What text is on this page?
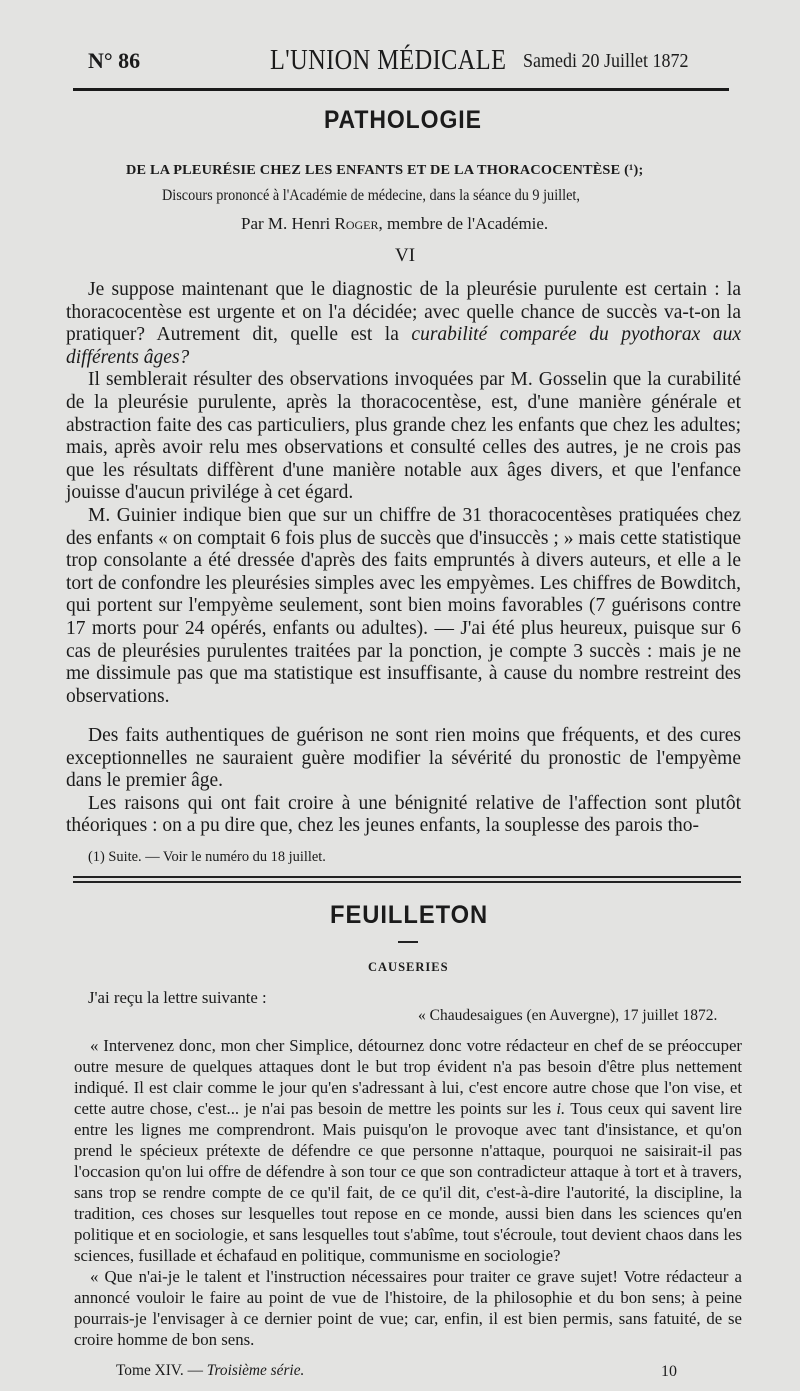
N° 86	L'UNION MÉDICALE Samedi 20 Juillet 1872
PATHOLOGIE
DE LA PLEURÉSIE CHEZ LES ENFANTS ET DE LA THORACOCENTÈSE (¹);
Discours prononcé à l'Académie de médecine, dans la séance du 9 juillet,
Par M. Henri Roger, membre de l'Académie.
VI

Je suppose maintenant que le diagnostic de la pleurésie purulente est certain : la thoracocentèse est urgente et on l'a décidée; avec quelle chance de succès va-t-on la pratiquer? Autrement dit, quelle est la curabilité comparée du pyothorax aux différents âges?

Il semblerait résulter des observations invoquées par M. Gosselin que la curabilité de la pleurésie purulente, après la thoracocentèse, est, d'une manière générale et abstraction faite des cas particuliers, plus grande chez les enfants que chez les adultes; mais, après avoir relu mes observations et consulté celles des autres, je ne crois pas que les résultats diffèrent d'une manière notable aux âges divers, et que l'enfance jouisse d'aucun privilége à cet égard.

M. Guinier indique bien que sur un chiffre de 31 thoracocentèses pratiquées chez des enfants « on comptait 6 fois plus de succès que d'insuccès ; » mais cette statistique trop consolante a été dressée d'après des faits empruntés à divers auteurs, et elle a le tort de confondre les pleurésies simples avec les empyèmes. Les chiffres de Bowditch, qui portent sur l'empyème seulement, sont bien moins favorables (7 guérisons contre 17 morts pour 24 opérés, enfants ou adultes). — J'ai été plus heureux, puisque sur 6 cas de pleurésies purulentes traitées par la ponction, je compte 3 succès : mais je ne me dissimule pas que ma statistique est insuffisante, à cause du nombre restreint des observations.

Des faits authentiques de guérison ne sont rien moins que fréquents, et des cures exceptionnelles ne sauraient guère modifier la sévérité du pronostic de l'empyème dans le premier âge.

Les raisons qui ont fait croire à une bénignité relative de l'affection sont plutôt théoriques : on a pu dire que, chez les jeunes enfants, la souplesse des parois tho-

(1) Suite. — Voir le numéro du 18 juillet.
FEUILLETON
CAUSERIES
J'ai reçu la lettre suivante :
« Chaudesaigues (en Auvergne), 17 juillet 1872.

« Intervenez donc, mon cher Simplice, détournez donc votre rédacteur en chef de se préoccuper outre mesure de quelques attaques dont le but trop évident n'a pas besoin d'être plus nettement indiqué. Il est clair comme le jour qu'en s'adressant à lui, c'est encore autre chose que l'on vise, et cette autre chose, c'est... je n'ai pas besoin de mettre les points sur les i. Tous ceux qui savent lire entre les lignes me comprendront. Mais puisqu'on le provoque avec tant d'insistance, et qu'on prend le spécieux prétexte de défendre ce que personne n'attaque, pourquoi ne saisirait-il pas l'occasion qu'on lui offre de défendre à son tour ce que son contradicteur attaque à tort et à travers, sans trop se rendre compte de ce qu'il fait, de ce qu'il dit, c'est-à-dire l'autorité, la discipline, la tradition, ces choses sur lesquelles tout repose en ce monde, aussi bien dans les sciences qu'en politique et en sociologie, et sans lesquelles tout s'abîme, tout s'écroule, tout devient chaos dans les sciences, fusillade et échafaud en politique, communisme en sociologie?

« Que n'ai-je le talent et l'instruction nécessaires pour traiter ce grave sujet! Votre rédacteur a annoncé vouloir le faire au point de vue de l'histoire, de la philosophie et du bon sens; à peine pourrais-je l'envisager à ce dernier point de vue; car, enfin, il est bien permis, sans fatuité, de se croire homme de bon sens.

Tome XIV. — Troisième série.	10
